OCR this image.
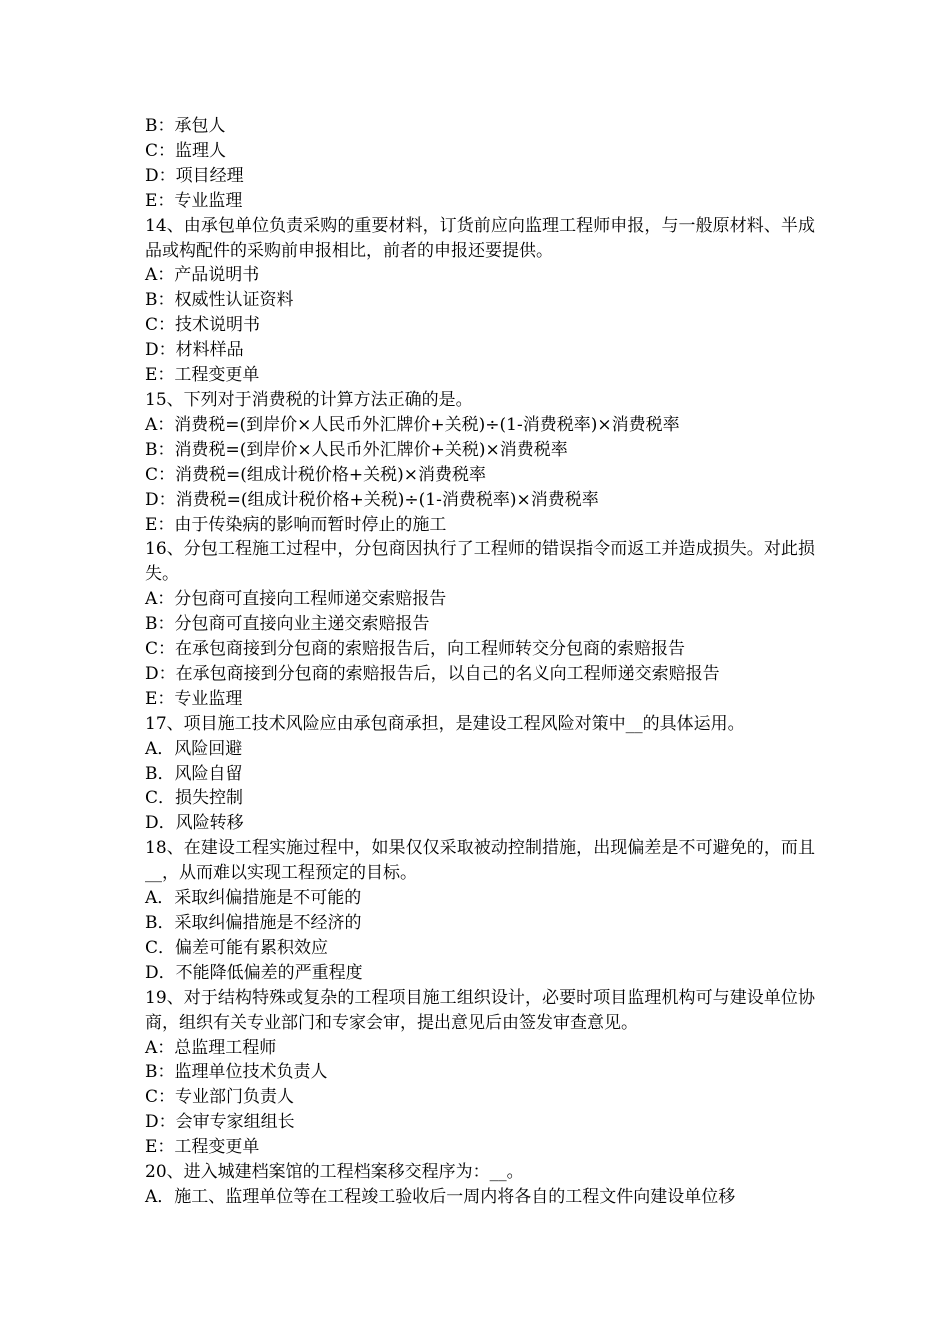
B：承包人
C：监理人
D：项目经理
E：专业监理
14、由承包单位负责采购的重要材料，订货前应向监理工程师申报，与一般原材料、半成品或构配件的采购前申报相比，前者的申报还要提供。
A：产品说明书
B：权威性认证资料
C：技术说明书
D：材料样品
E：工程变更单
15、下列对于消费税的计算方法正确的是。
A：消费税=(到岸价×人民币外汇牌价+关税)÷(1-消费税率)×消费税率
B：消费税=(到岸价×人民币外汇牌价+关税)×消费税率
C：消费税=(组成计税价格+关税)×消费税率
D：消费税=(组成计税价格+关税)÷(1-消费税率)×消费税率
E：由于传染病的影响而暂时停止的施工
16、分包工程施工过程中，分包商因执行了工程师的错误指令而返工并造成损失。对此损失。
A：分包商可直接向工程师递交索赔报告
B：分包商可直接向业主递交索赔报告
C：在承包商接到分包商的索赔报告后，向工程师转交分包商的索赔报告
D：在承包商接到分包商的索赔报告后，以自己的名义向工程师递交索赔报告
E：专业监理
17、项目施工技术风险应由承包商承担，是建设工程风险对策中__的具体运用。
A．风险回避
B．风险自留
C．损失控制
D．风险转移
18、在建设工程实施过程中，如果仅仅采取被动控制措施，出现偏差是不可避免的，而且__，从而难以实现工程预定的目标。
A．采取纠偏措施是不可能的
B．采取纠偏措施是不经济的
C．偏差可能有累积效应
D．不能降低偏差的严重程度
19、对于结构特殊或复杂的工程项目施工组织设计，必要时项目监理机构可与建设单位协商，组织有关专业部门和专家会审，提出意见后由签发审查意见。
A：总监理工程师
B：监理单位技术负责人
C：专业部门负责人
D：会审专家组组长
E：工程变更单
20、进入城建档案馆的工程档案移交程序为：__。
A．施工、监理单位等在工程竣工验收后一周内将各自的工程文件向建设单位移
